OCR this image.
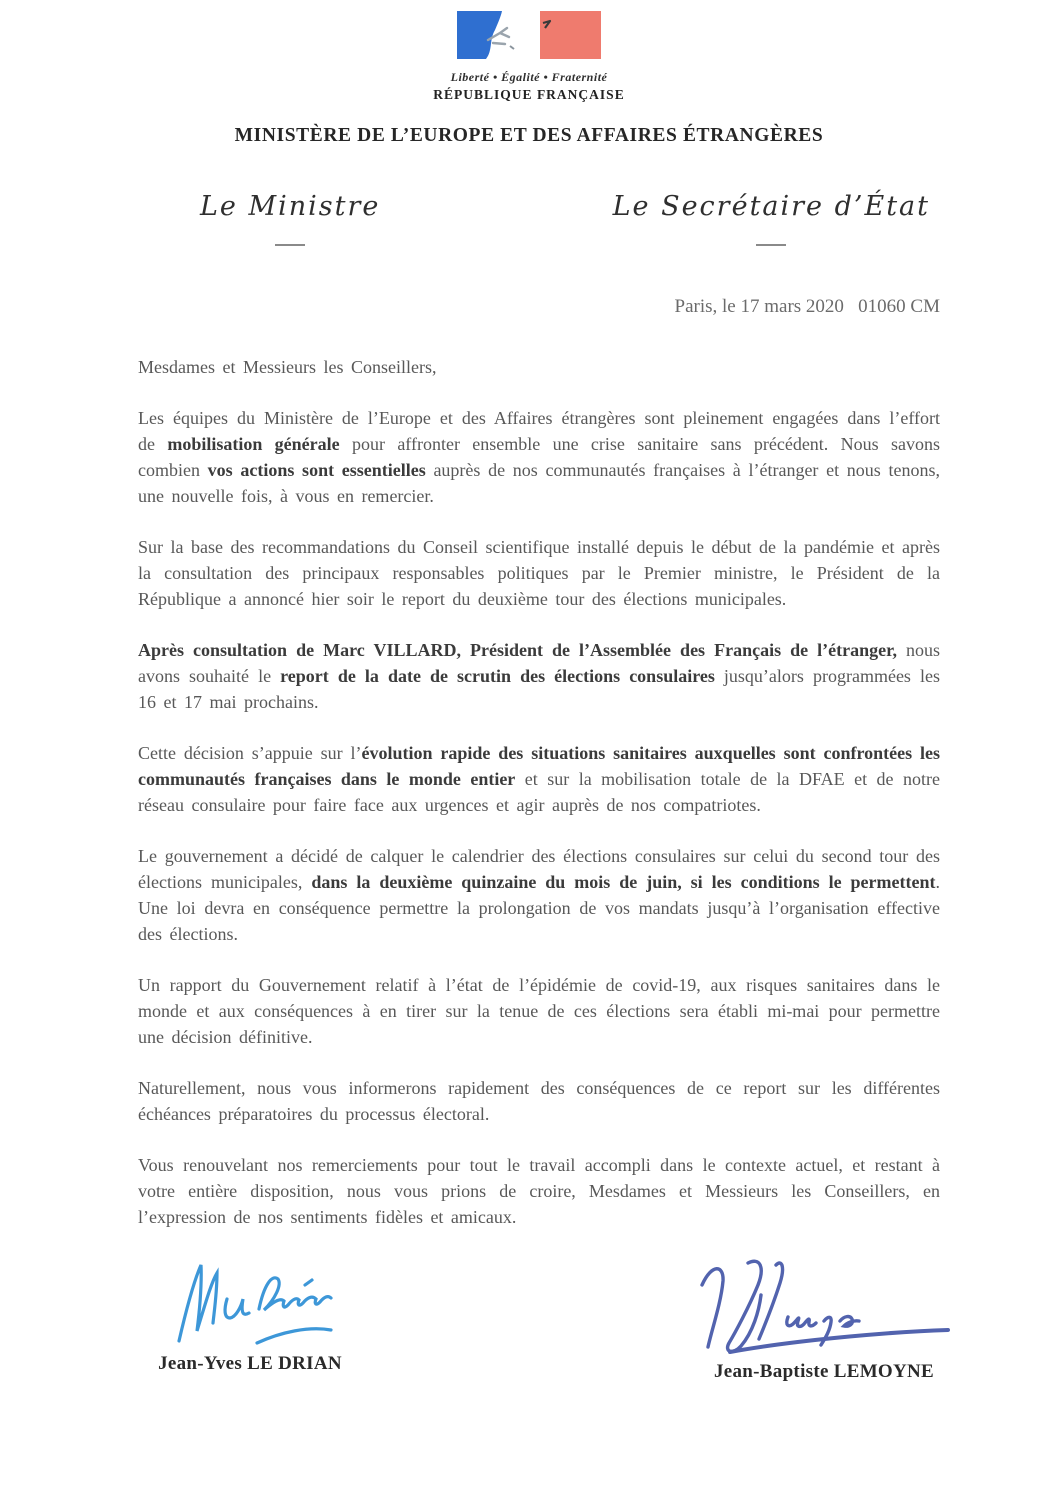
Liberté • Égalité • Fraternité
RÉPUBLIQUE FRANÇAISE
MINISTÈRE DE L’EUROPE ET DES AFFAIRES ÉTRANGÈRES
Le Ministre	Le Secrétaire d’État
Paris, le 17 mars 2020   01060 CM

Mesdames et Messieurs les Conseillers,

Les équipes du Ministère de l’Europe et des Affaires étrangères sont pleinement engagées dans l’effort de mobilisation générale pour affronter ensemble une crise sanitaire sans précédent. Nous savons combien vos actions sont essentielles auprès de nos communautés françaises à l’étranger et nous tenons, une nouvelle fois, à vous en remercier.

Sur la base des recommandations du Conseil scientifique installé depuis le début de la pandémie et après la consultation des principaux responsables politiques par le Premier ministre, le Président de la République a annoncé hier soir le report du deuxième tour des élections municipales.

Après consultation de Marc VILLARD, Président de l’Assemblée des Français de l’étranger, nous avons souhaité le report de la date de scrutin des élections consulaires jusqu’alors programmées les 16 et 17 mai prochains.

Cette décision s’appuie sur l’évolution rapide des situations sanitaires auxquelles sont confrontées les communautés françaises dans le monde entier et sur la mobilisation totale de la DFAE et de notre réseau consulaire pour faire face aux urgences et agir auprès de nos compatriotes.

Le gouvernement a décidé de calquer le calendrier des élections consulaires sur celui du second tour des élections municipales, dans la deuxième quinzaine du mois de juin, si les conditions le permettent. Une loi devra en conséquence permettre la prolongation de vos mandats jusqu’à l’organisation effective des élections.

Un rapport du Gouvernement relatif à l’état de l’épidémie de covid-19, aux risques sanitaires dans le monde et aux conséquences à en tirer sur la tenue de ces élections sera établi mi-mai pour permettre une décision définitive.

Naturellement, nous vous informerons rapidement des conséquences de ce report sur les différentes échéances préparatoires du processus électoral.

Vous renouvelant nos remerciements pour tout le travail accompli dans le contexte actuel, et restant à votre entière disposition, nous vous prions de croire, Mesdames et Messieurs les Conseillers, en l’expression de nos sentiments fidèles et amicaux.

Jean-Yves LE DRIAN	Jean-Baptiste LEMOYNE
